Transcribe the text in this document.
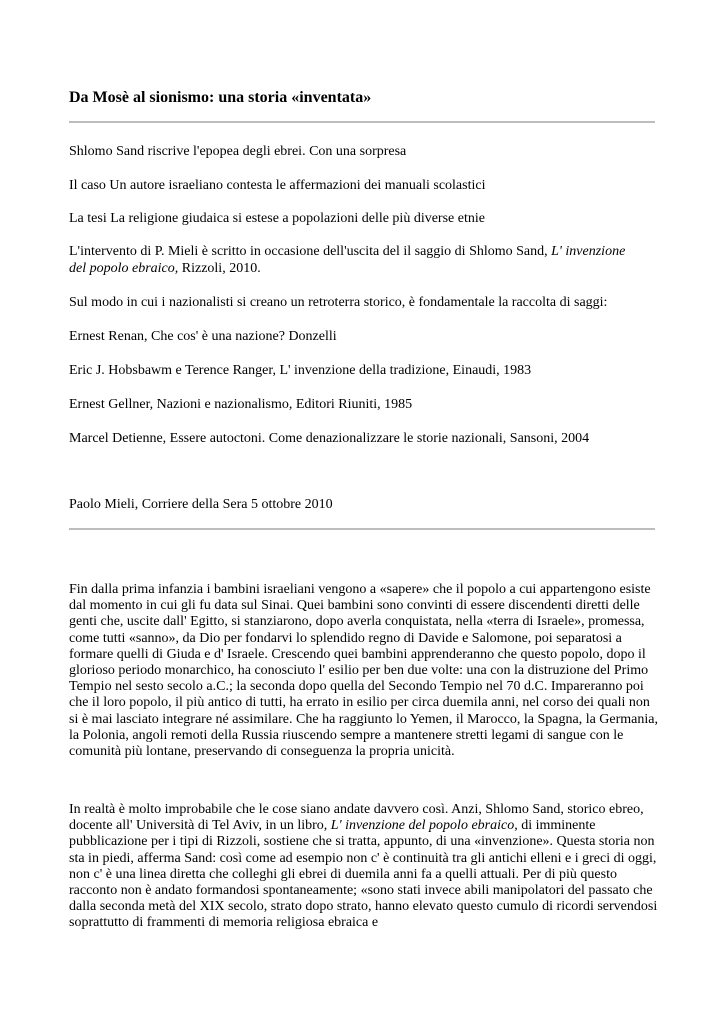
Da Mosè al sionismo: una storia «inventata»

Shlomo Sand riscrive l'epopea degli ebrei. Con una sorpresa

Il caso Un autore israeliano contesta le affermazioni dei manuali scolastici

La tesi La religione giudaica si estese a popolazioni delle più diverse etnie

L'intervento di P. Mieli è scritto in occasione dell'uscita del il saggio di Shlomo Sand, L' invenzione del popolo ebraico, Rizzoli, 2010.

Sul modo in cui i nazionalisti si creano un retroterra storico, è fondamentale la raccolta di saggi:

Ernest Renan, Che cos' è una nazione? Donzelli

Eric J. Hobsbawm e Terence Ranger, L' invenzione della tradizione, Einaudi, 1983

Ernest Gellner, Nazioni e nazionalismo, Editori Riuniti, 1985

Marcel Detienne, Essere autoctoni. Come denazionalizzare le storie nazionali, Sansoni, 2004

Paolo Mieli, Corriere della Sera 5 ottobre 2010

Fin dalla prima infanzia i bambini israeliani vengono a «sapere» che il popolo a cui appartengono esiste dal momento in cui gli fu data sul Sinai. Quei bambini sono convinti di essere discendenti diretti delle genti che, uscite dall' Egitto, si stanziarono, dopo averla conquistata, nella «terra di Israele», promessa, come tutti «sanno», da Dio per fondarvi lo splendido regno di Davide e Salomone, poi separatosi a formare quelli di Giuda e d' Israele. Crescendo quei bambini apprenderanno che questo popolo, dopo il glorioso periodo monarchico, ha conosciuto l' esilio per ben due volte: una con la distruzione del Primo Tempio nel sesto secolo a.C.; la seconda dopo quella del Secondo Tempio nel 70 d.C. Impareranno poi che il loro popolo, il più antico di tutti, ha errato in esilio per circa duemila anni, nel corso dei quali non si è mai lasciato integrare né assimilare. Che ha raggiunto lo Yemen, il Marocco, la Spagna, la Germania, la Polonia, angoli remoti della Russia riuscendo sempre a mantenere stretti legami di sangue con le comunità più lontane, preservando di conseguenza la propria unicità.

In realtà è molto improbabile che le cose siano andate davvero così. Anzi, Shlomo Sand, storico ebreo, docente all' Università di Tel Aviv, in un libro, L' invenzione del popolo ebraico, di imminente pubblicazione per i tipi di Rizzoli, sostiene che si tratta, appunto, di una «invenzione». Questa storia non sta in piedi, afferma Sand: così come ad esempio non c' è continuità tra gli antichi elleni e i greci di oggi, non c' è una linea diretta che colleghi gli ebrei di duemila anni fa a quelli attuali. Per di più questo racconto non è andato formandosi spontaneamente; «sono stati invece abili manipolatori del passato che dalla seconda metà del XIX secolo, strato dopo strato, hanno elevato questo cumulo di ricordi servendosi soprattutto di frammenti di memoria religiosa ebraica e
